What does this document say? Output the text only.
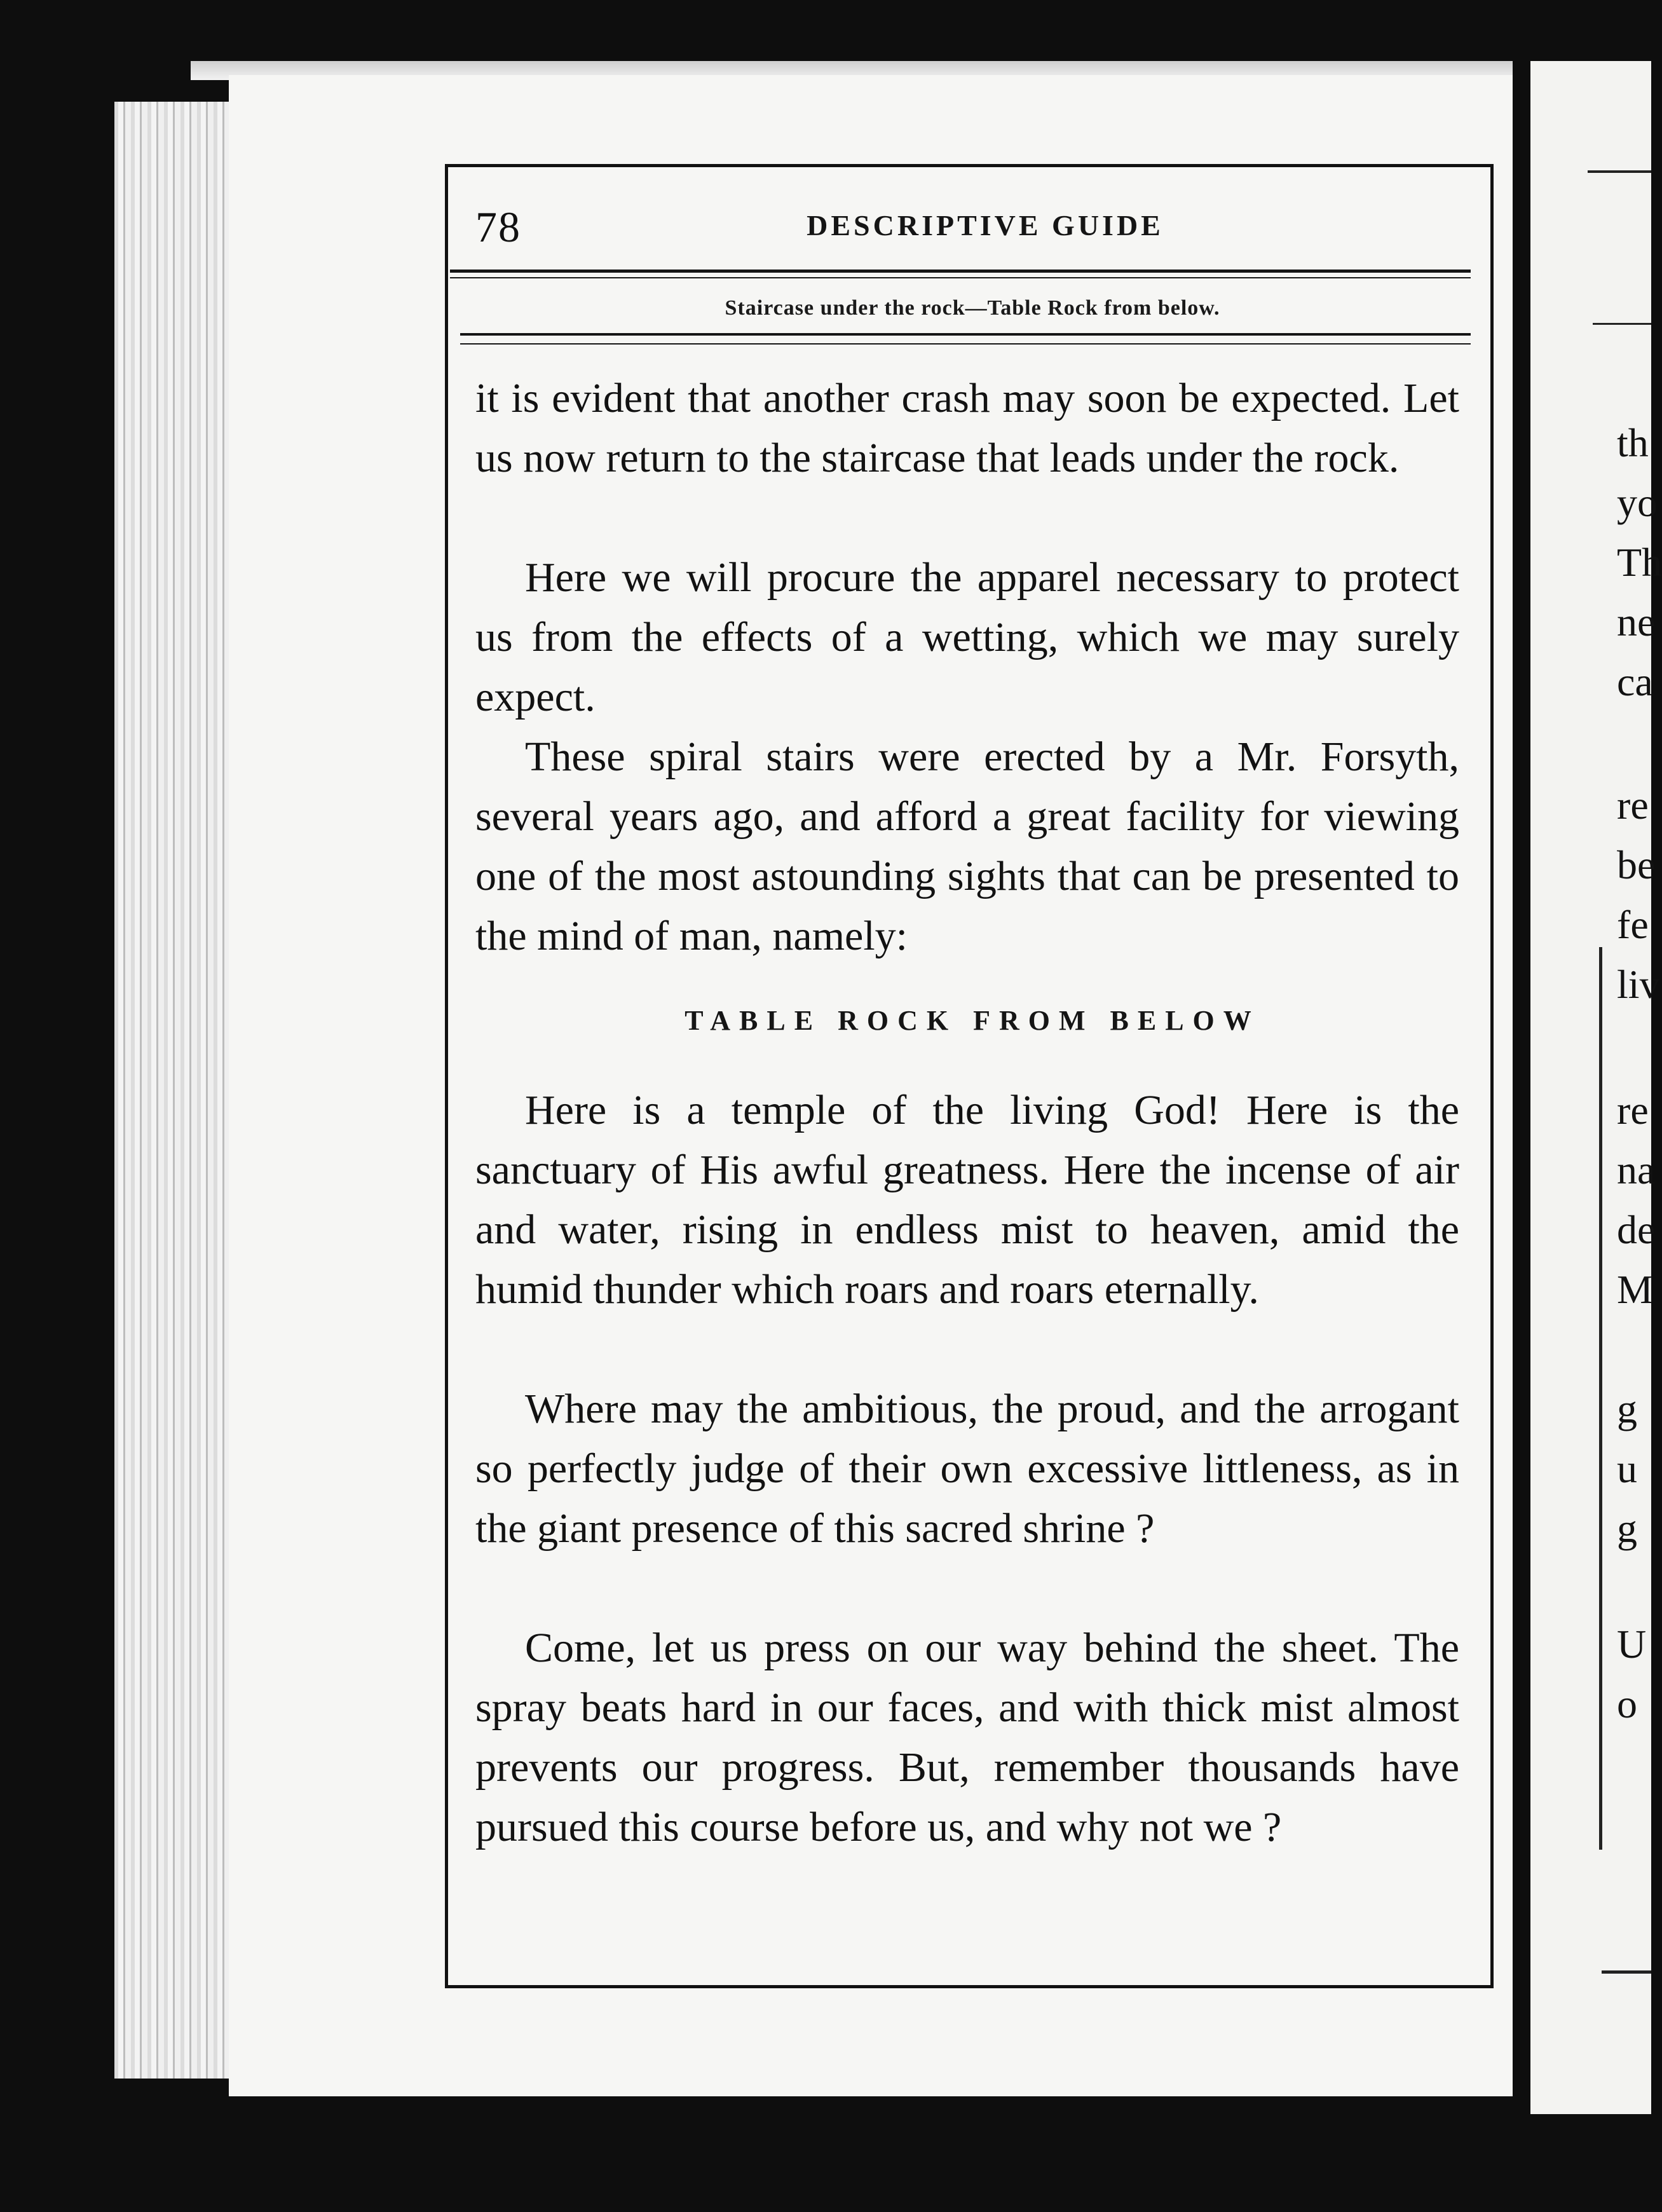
78	DESCRIPTIVE GUIDE
Staircase under the rock—Table Rock from below.

it is evident that another crash may soon be expected. Let us now return to the staircase that leads under the rock.

Here we will procure the apparel necessary to protect us from the effects of a wetting, which we may surely expect.

These spiral stairs were erected by a Mr. Forsyth, several years ago, and afford a great facility for viewing one of the most astounding sights that can be presented to the mind of man, namely:

TABLE ROCK FROM BELOW

Here is a temple of the living God! Here is the sanctuary of His awful greatness. Here the incense of air and water, rising in endless mist to heaven, amid the humid thunder which roars and roars eternally.

Where may the ambitious, the proud, and the arrogant so perfectly judge of their own excessive littleness, as in the giant presence of this sacred shrine ?

Come, let us press on our way behind the sheet. The spray beats hard in our faces, and with thick mist almost prevents our progress. But, remember thousands have pursued this course before us, and why not we ?

th
yo
Th
ne
ca
re
be
fe
liv
re
na
de
M
g
u
g
U
o
